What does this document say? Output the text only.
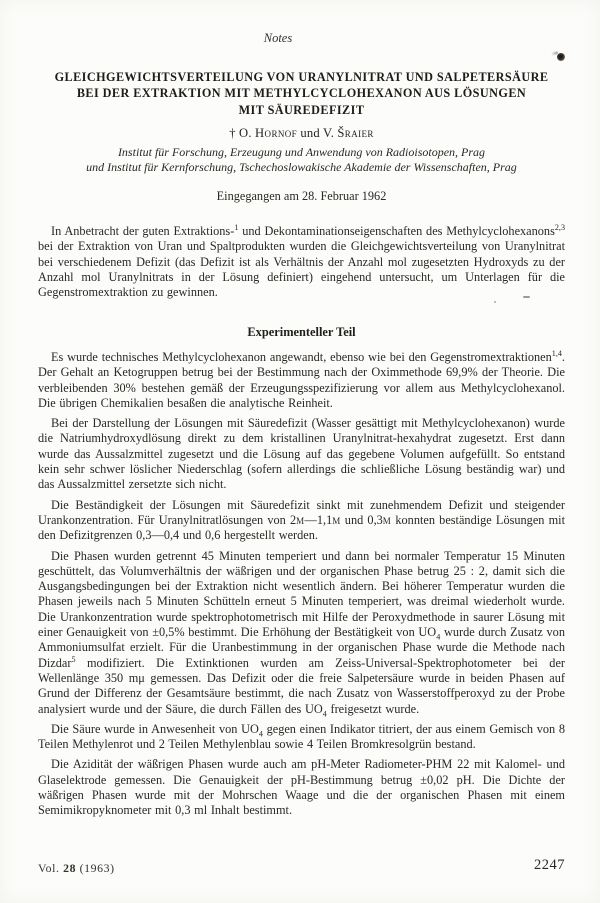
Notes
GLEICHGEWICHTSVERTEILUNG VON URANYLNITRAT UND SALPETERSÄURE
BEI DER EXTRAKTION MIT METHYLCYCLOHEXANON AUS LÖSUNGEN
MIT SÄUREDEFIZIT
† O. Hornof und V. Šraier
Institut für Forschung, Erzeugung und Anwendung von Radioisotopen, Prag
und Institut für Kernforschung, Tschechoslowakische Akademie der Wissenschaften, Prag
Eingegangen am 28. Februar 1962

In Anbetracht der guten Extraktions-$^1$ und Dekontaminationseigenschaften des Methylcyclohexanons$^{2,3}$ bei der Extraktion von Uran und Spaltprodukten wurden die Gleichgewichtsverteilung von Uranylnitrat bei verschiedenem Defizit (das Defizit ist als Verhältnis der Anzahl mol zugesetzten Hydroxyds zu der Anzahl mol Uranylnitrats in der Lösung definiert) eingehend untersucht, um Unterlagen für die Gegenstromextraktion zu gewinnen.

Experimenteller Teil

Es wurde technisches Methylcyclohexanon angewandt, ebenso wie bei den Gegenstromextraktionen$^{1,4}$. Der Gehalt an Ketogruppen betrug bei der Bestimmung nach der Oximmethode 69,9% der Theorie. Die verbleibenden 30% bestehen gemäß der Erzeugungsspezifizierung vor allem aus Methylcyclohexanol. Die übrigen Chemikalien besaßen die analytische Reinheit.

Bei der Darstellung der Lösungen mit Säuredefizit (Wasser gesättigt mit Methylcyclohexanon) wurde die Natriumhydroxydlösung direkt zu dem kristallinen Uranylnitrat-hexahydrat zugesetzt. Erst dann wurde das Aussalzmittel zugesetzt und die Lösung auf das gegebene Volumen aufgefüllt. So entstand kein sehr schwer löslicher Niederschlag (sofern allerdings die schließliche Lösung beständig war) und das Aussalzmittel zersetzte sich nicht.

Die Beständigkeit der Lösungen mit Säuredefizit sinkt mit zunehmendem Defizit und steigender Urankonzentration. Für Uranylnitratlösungen von 2m—1,1m und 0,3m konnten beständige Lösungen mit den Defizitgrenzen 0,3—0,4 und 0,6 hergestellt werden.

Die Phasen wurden getrennt 45 Minuten temperiert und dann bei normaler Temperatur 15 Minuten geschüttelt, das Volumverhältnis der wäßrigen und der organischen Phase betrug 25 : 2, damit sich die Ausgangsbedingungen bei der Extraktion nicht wesentlich ändern. Bei höherer Temperatur wurden die Phasen jeweils nach 5 Minuten Schütteln erneut 5 Minuten temperiert, was dreimal wiederholt wurde. Die Urankonzentration wurde spektrophotometrisch mit Hilfe der Peroxydmethode in saurer Lösung mit einer Genauigkeit von ±0,5% bestimmt. Die Erhöhung der Bestätigkeit von $UO_4$ wurde durch Zusatz von Ammoniumsulfat erzielt. Für die Uranbestimmung in der organischen Phase wurde die Methode nach Dizdar$^5$ modifiziert. Die Extinktionen wurden am Zeiss-Universal-Spektrophotometer bei der Wellenlänge 350 mμ gemessen. Das Defizit oder die freie Salpetersäure wurde in beiden Phasen auf Grund der Differenz der Gesamtsäure bestimmt, die nach Zusatz von Wasserstoffperoxyd zu der Probe analysiert wurde und der Säure, die durch Fällen des $UO_4$ freigesetzt wurde.

Die Säure wurde in Anwesenheit von $UO_4$ gegen einen Indikator titriert, der aus einem Gemisch von 8 Teilen Methylenrot und 2 Teilen Methylenblau sowie 4 Teilen Bromkresolgrün bestand.

Die Azidität der wäßrigen Phasen wurde auch am pH-Meter Radiometer-PHM 22 mit Kalomel- und Glaselektrode gemessen. Die Genauigkeit der pH-Bestimmung betrug ±0,02 pH. Die Dichte der wäßrigen Phasen wurde mit der Mohrschen Waage und die der organischen Phasen mit einem Semimikropyknometer mit 0,3 ml Inhalt bestimmt.

Vol. 28 (1963)	2247
